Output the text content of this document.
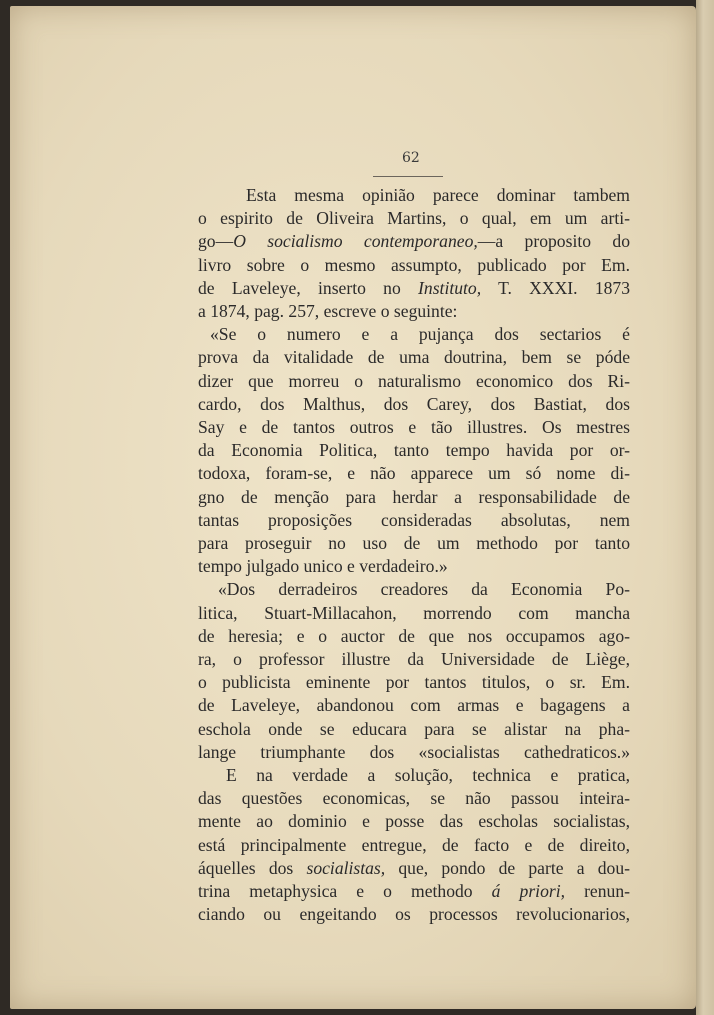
62
Esta mesma opinião parece dominar tambem
o espirito de Oliveira Martins, o qual, em um arti-
go—O socialismo contemporaneo,—a proposito do
livro sobre o mesmo assumpto, publicado por Em.
de Laveleye, inserto no Instituto, T. XXXI. 1873
a 1874, pag. 257, escreve o seguinte:
«Se o numero e a pujança dos sectarios é
prova da vitalidade de uma doutrina, bem se póde
dizer que morreu o naturalismo economico dos Ri-
cardo, dos Malthus, dos Carey, dos Bastiat, dos
Say e de tantos outros e tão illustres. Os mestres
da Economia Politica, tanto tempo havida por or-
todoxa, foram-se, e não apparece um só nome di-
gno de menção para herdar a responsabilidade de
tantas proposições consideradas absolutas, nem
para proseguir no uso de um methodo por tanto
tempo julgado unico e verdadeiro.»
«Dos derradeiros creadores da Economia Po-
litica, Stuart-Millacahon, morrendo com mancha
de heresia; e o auctor de que nos occupamos ago-
ra, o professor illustre da Universidade de Liège,
o publicista eminente por tantos titulos, o sr. Em.
de Laveleye, abandonou com armas e bagagens a
eschola onde se educara para se alistar na pha-
lange triumphante dos «socialistas cathedraticos.»
E na verdade a solução, technica e pratica,
das questões economicas, se não passou inteira-
mente ao dominio e posse das escholas socialistas,
está principalmente entregue, de facto e de direito,
áquelles dos socialistas, que, pondo de parte a dou-
trina metaphysica e o methodo á priori, renun-
ciando ou engeitando os processos revolucionarios,
